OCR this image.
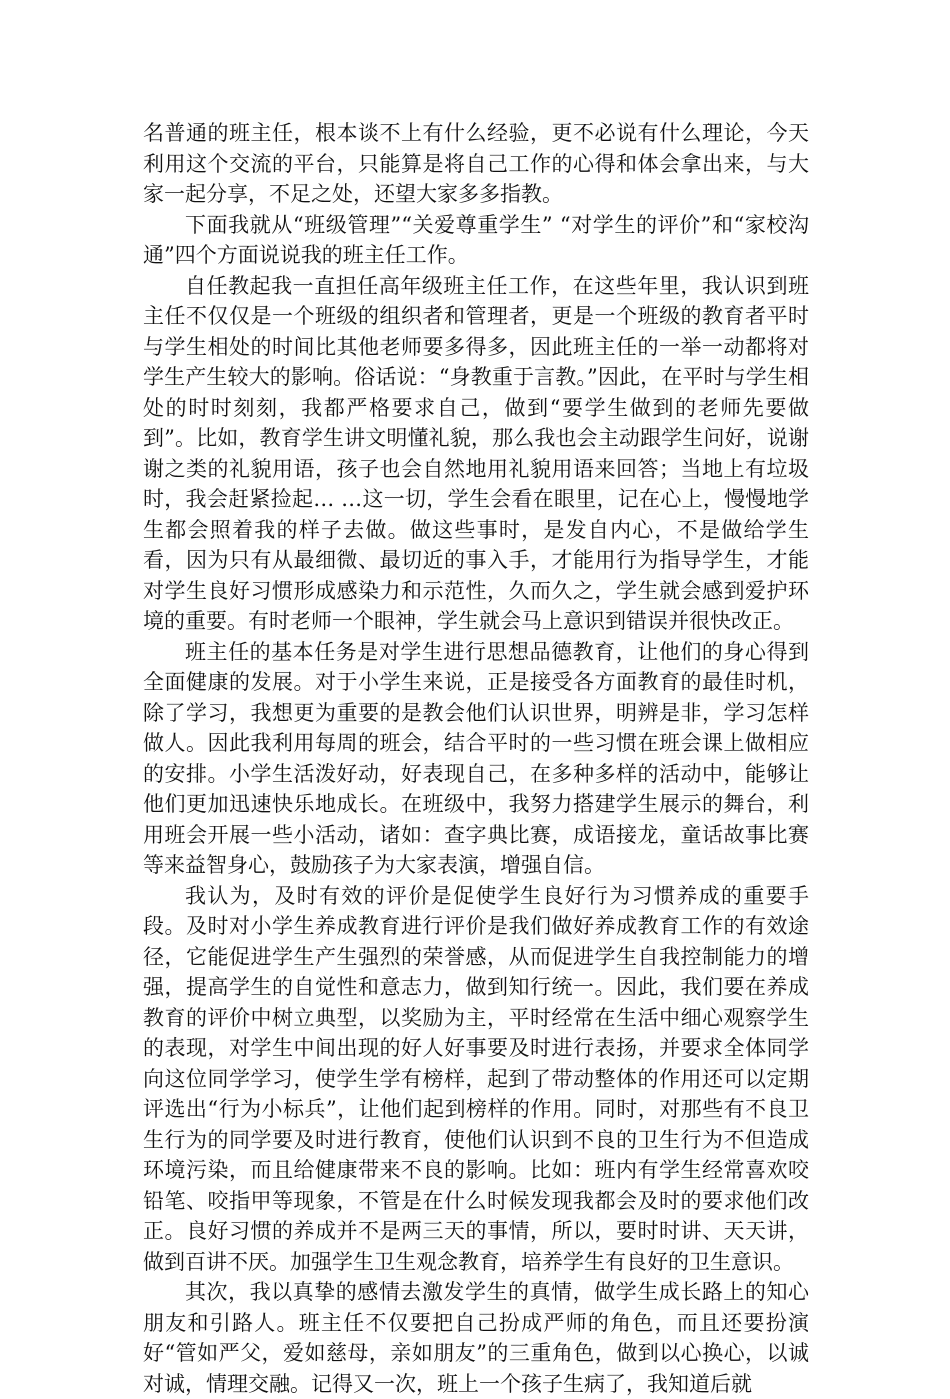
名普通的班主任，根本谈不上有什么经验，更不必说有什么理论，今天利用这个交流的平台，只能算是将自己工作的心得和体会拿出来，与大家一起分享，不足之处，还望大家多多指教。

下面我就从“班级管理”“关爱尊重学生” “对学生的评价”和“家校沟通”四个方面说说我的班主任工作。

自任教起我一直担任高年级班主任工作，在这些年里，我认识到班主任不仅仅是一个班级的组织者和管理者，更是一个班级的教育者平时与学生相处的时间比其他老师要多得多，因此班主任的一举一动都将对学生产生较大的影响。俗话说：“身教重于言教。”因此，在平时与学生相处的时时刻刻，我都严格要求自己，做到“要学生做到的老师先要做到”。比如，教育学生讲文明懂礼貌，那么我也会主动跟学生问好，说谢谢之类的礼貌用语，孩子也会自然地用礼貌用语来回答；当地上有垃圾时，我会赶紧捡起… …这一切，学生会看在眼里，记在心上，慢慢地学生都会照着我的样子去做。做这些事时，是发自内心，不是做给学生看，因为只有从最细微、最切近的事入手，才能用行为指导学生，才能对学生良好习惯形成感染力和示范性，久而久之，学生就会感到爱护环境的重要。有时老师一个眼神，学生就会马上意识到错误并很快改正。

班主任的基本任务是对学生进行思想品德教育，让他们的身心得到全面健康的发展。对于小学生来说，正是接受各方面教育的最佳时机，除了学习，我想更为重要的是教会他们认识世界，明辨是非，学习怎样做人。因此我利用每周的班会，结合平时的一些习惯在班会课上做相应的安排。小学生活泼好动，好表现自己，在多种多样的活动中，能够让他们更加迅速快乐地成长。在班级中，我努力搭建学生展示的舞台，利用班会开展一些小活动，诸如：查字典比赛，成语接龙，童话故事比赛等来益智身心，鼓励孩子为大家表演，增强自信。

我认为，及时有效的评价是促使学生良好行为习惯养成的重要手段。及时对小学生养成教育进行评价是我们做好养成教育工作的有效途径，它能促进学生产生强烈的荣誉感，从而促进学生自我控制能力的增强，提高学生的自觉性和意志力，做到知行统一。因此，我们要在养成教育的评价中树立典型，以奖励为主，平时经常在生活中细心观察学生的表现，对学生中间出现的好人好事要及时进行表扬，并要求全体同学向这位同学学习，使学生学有榜样，起到了带动整体的作用还可以定期评选出“行为小标兵”，让他们起到榜样的作用。同时，对那些有不良卫生行为的同学要及时进行教育，使他们认识到不良的卫生行为不但造成环境污染，而且给健康带来不良的影响。比如：班内有学生经常喜欢咬铅笔、咬指甲等现象，不管是在什么时候发现我都会及时的要求他们改正。良好习惯的养成并不是两三天的事情，所以，要时时讲、天天讲，做到百讲不厌。加强学生卫生观念教育，培养学生有良好的卫生意识。

其次，我以真挚的感情去激发学生的真情，做学生成长路上的知心朋友和引路人。班主任不仅要把自己扮成严师的角色，而且还要扮演好“管如严父，爱如慈母，亲如朋友”的三重角色，做到以心换心，以诚对诚，情理交融。记得又一次，班上一个孩子生病了，我知道后就
